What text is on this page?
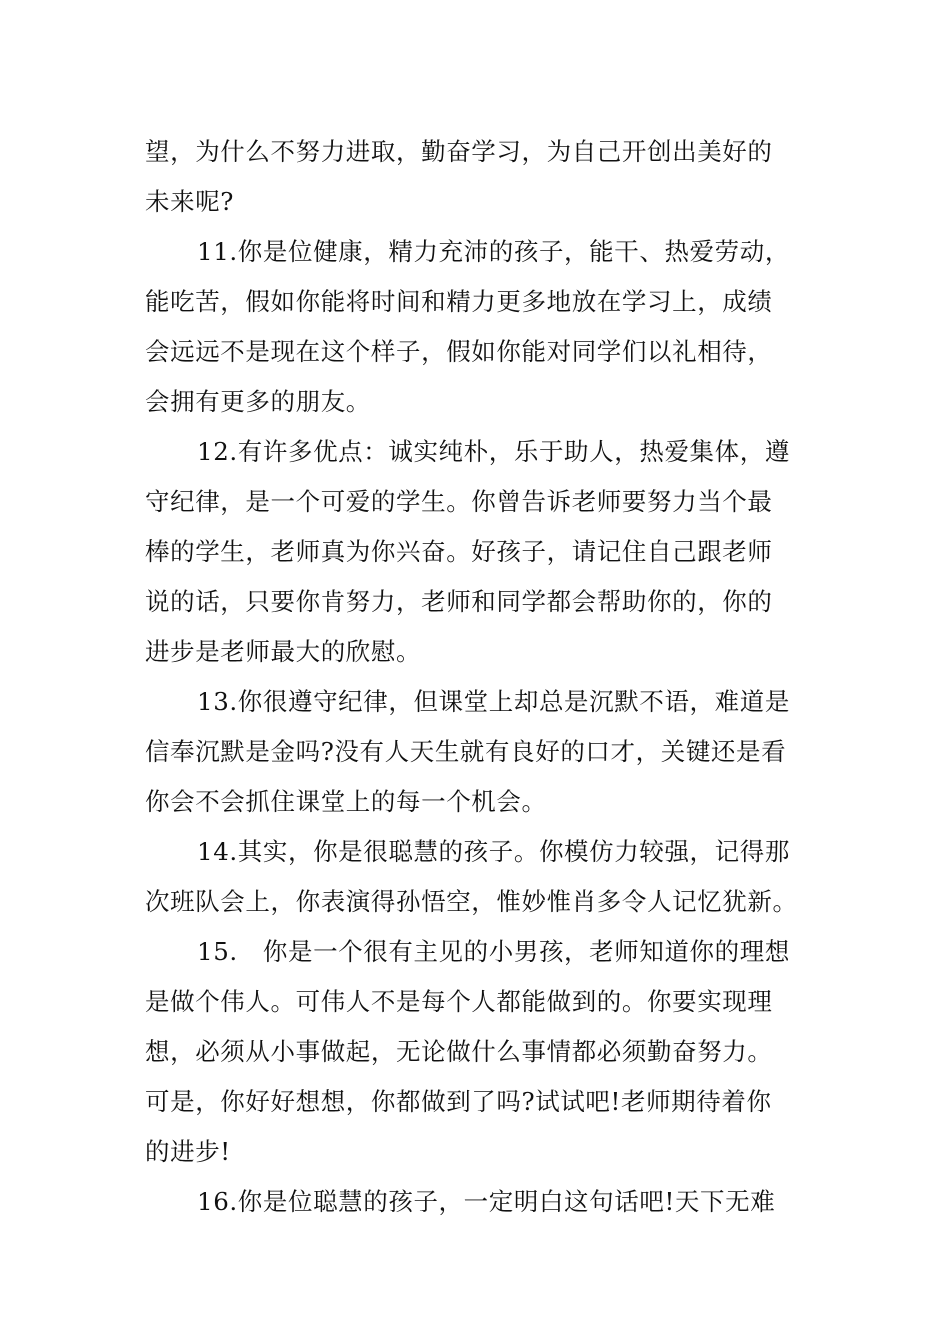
望，为什么不努力进取，勤奋学习，为自己开创出美好的
未来呢?
11.你是位健康，精力充沛的孩子，能干、热爱劳动，
能吃苦，假如你能将时间和精力更多地放在学习上，成绩
会远远不是现在这个样子，假如你能对同学们以礼相待，
会拥有更多的朋友。
12.有许多优点：诚实纯朴，乐于助人，热爱集体，遵
守纪律，是一个可爱的学生。你曾告诉老师要努力当个最
棒的学生，老师真为你兴奋。好孩子，请记住自己跟老师
说的话，只要你肯努力，老师和同学都会帮助你的，你的
进步是老师最大的欣慰。
13.你很遵守纪律，但课堂上却总是沉默不语，难道是
信奉沉默是金吗?没有人天生就有良好的口才，关键还是看
你会不会抓住课堂上的每一个机会。
14.其实，你是很聪慧的孩子。你模仿力较强，记得那
次班队会上，你表演得孙悟空，惟妙惟肖多令人记忆犹新。
15.　你是一个很有主见的小男孩，老师知道你的理想
是做个伟人。可伟人不是每个人都能做到的。你要实现理
想，必须从小事做起，无论做什么事情都必须勤奋努力。
可是，你好好想想，你都做到了吗?试试吧!老师期待着你
的进步!
16.你是位聪慧的孩子，一定明白这句话吧!天下无难
